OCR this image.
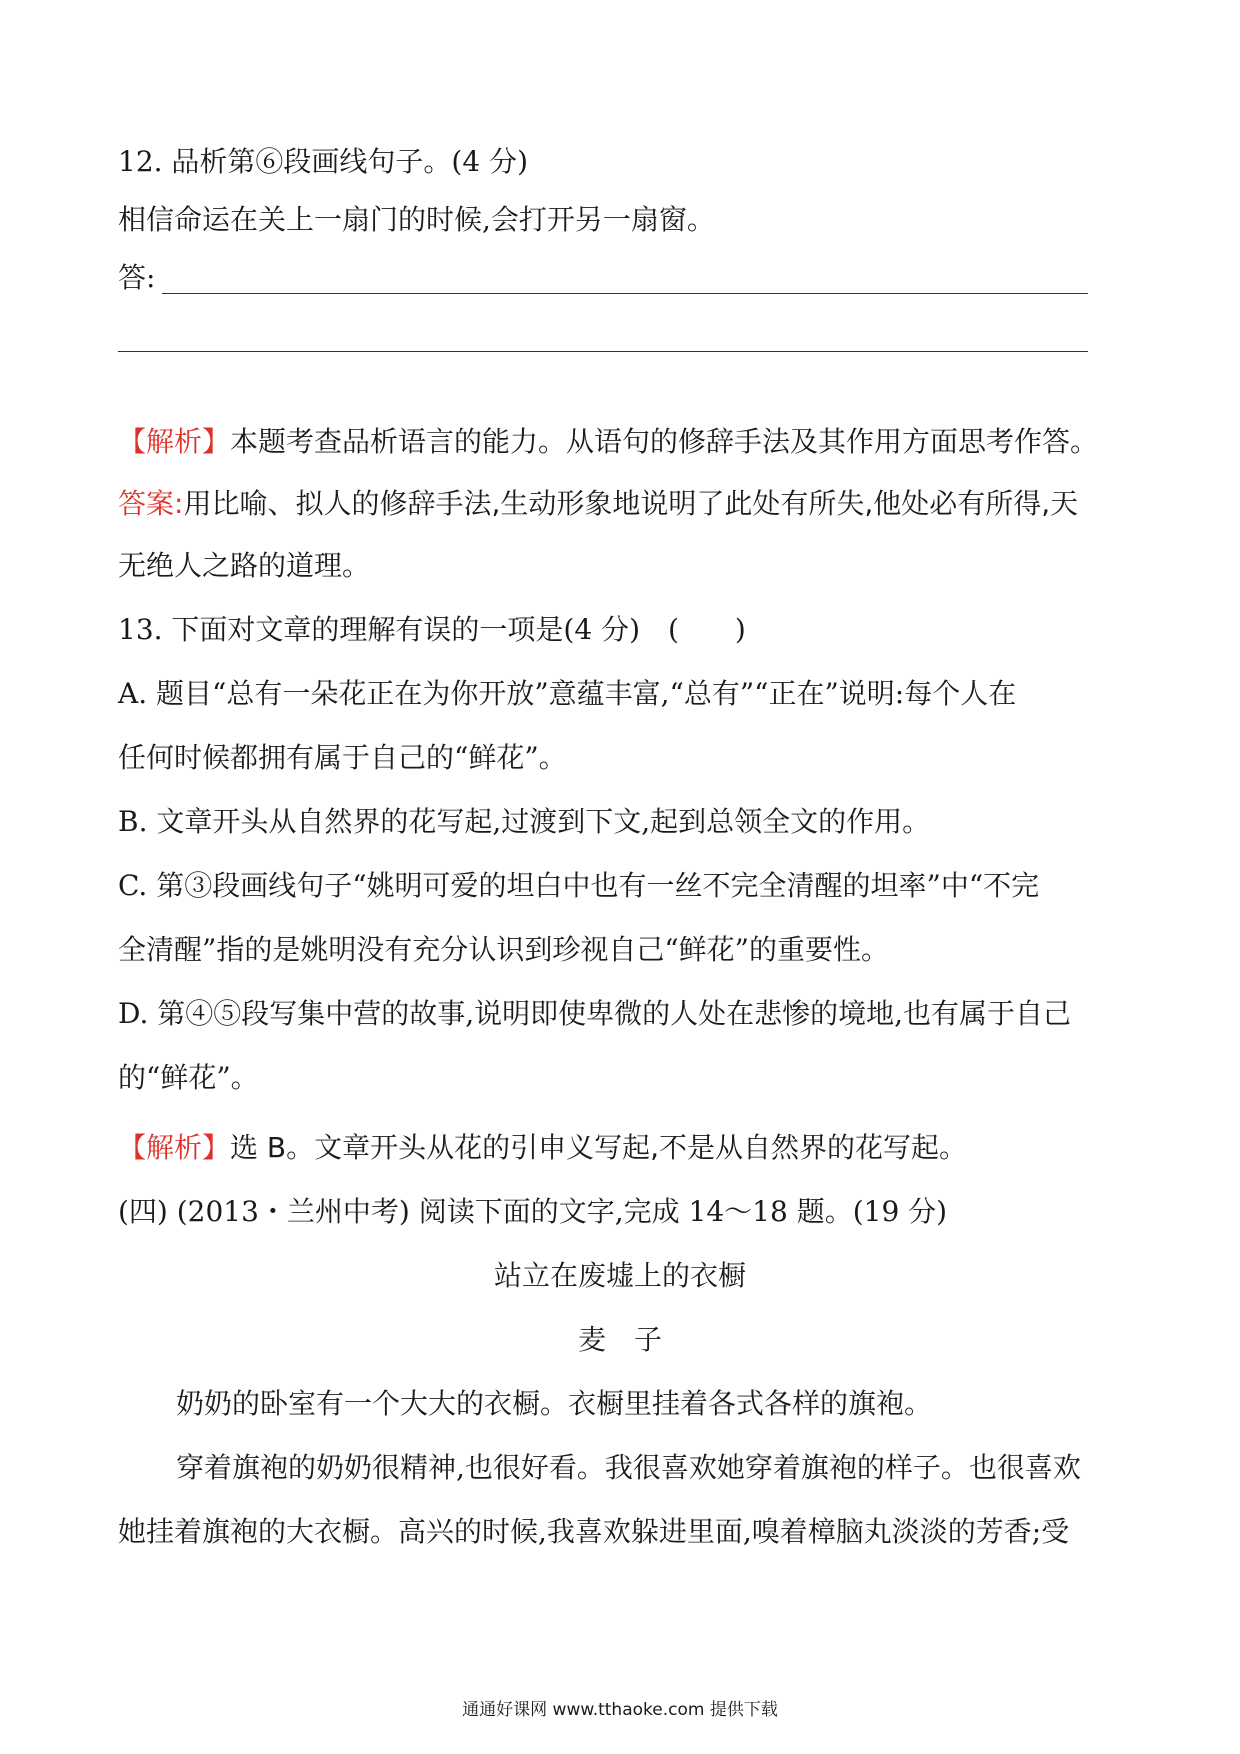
12. 品析第⑥段画线句子。(4 分)
相信命运在关上一扇门的时候,会打开另一扇窗。
答:
【解析】本题考查品析语言的能力。从语句的修辞手法及其作用方面思考作答。
答案:用比喻、拟人的修辞手法,生动形象地说明了此处有所失,他处必有所得,天
无绝人之路的道理。
13. 下面对文章的理解有误的一项是(4 分)　(　　)
A. 题目“总有一朵花正在为你开放”意蕴丰富,“总有”“正在”说明:每个人在
任何时候都拥有属于自己的“鲜花”。
B. 文章开头从自然界的花写起,过渡到下文,起到总领全文的作用。
C. 第③段画线句子“姚明可爱的坦白中也有一丝不完全清醒的坦率”中“不完
全清醒”指的是姚明没有充分认识到珍视自己“鲜花”的重要性。
D. 第④⑤段写集中营的故事,说明即使卑微的人处在悲惨的境地,也有属于自己
的“鲜花”。
【解析】选 B。文章开头从花的引申义写起,不是从自然界的花写起。
(四) (2013・兰州中考) 阅读下面的文字,完成 14～18 题。(19 分)
站立在废墟上的衣橱
麦　子
奶奶的卧室有一个大大的衣橱。衣橱里挂着各式各样的旗袍。
穿着旗袍的奶奶很精神,也很好看。我很喜欢她穿着旗袍的样子。也很喜欢
她挂着旗袍的大衣橱。高兴的时候,我喜欢躲进里面,嗅着樟脑丸淡淡的芳香;受
通通好课网 www.tthaoke.com 提供下载
